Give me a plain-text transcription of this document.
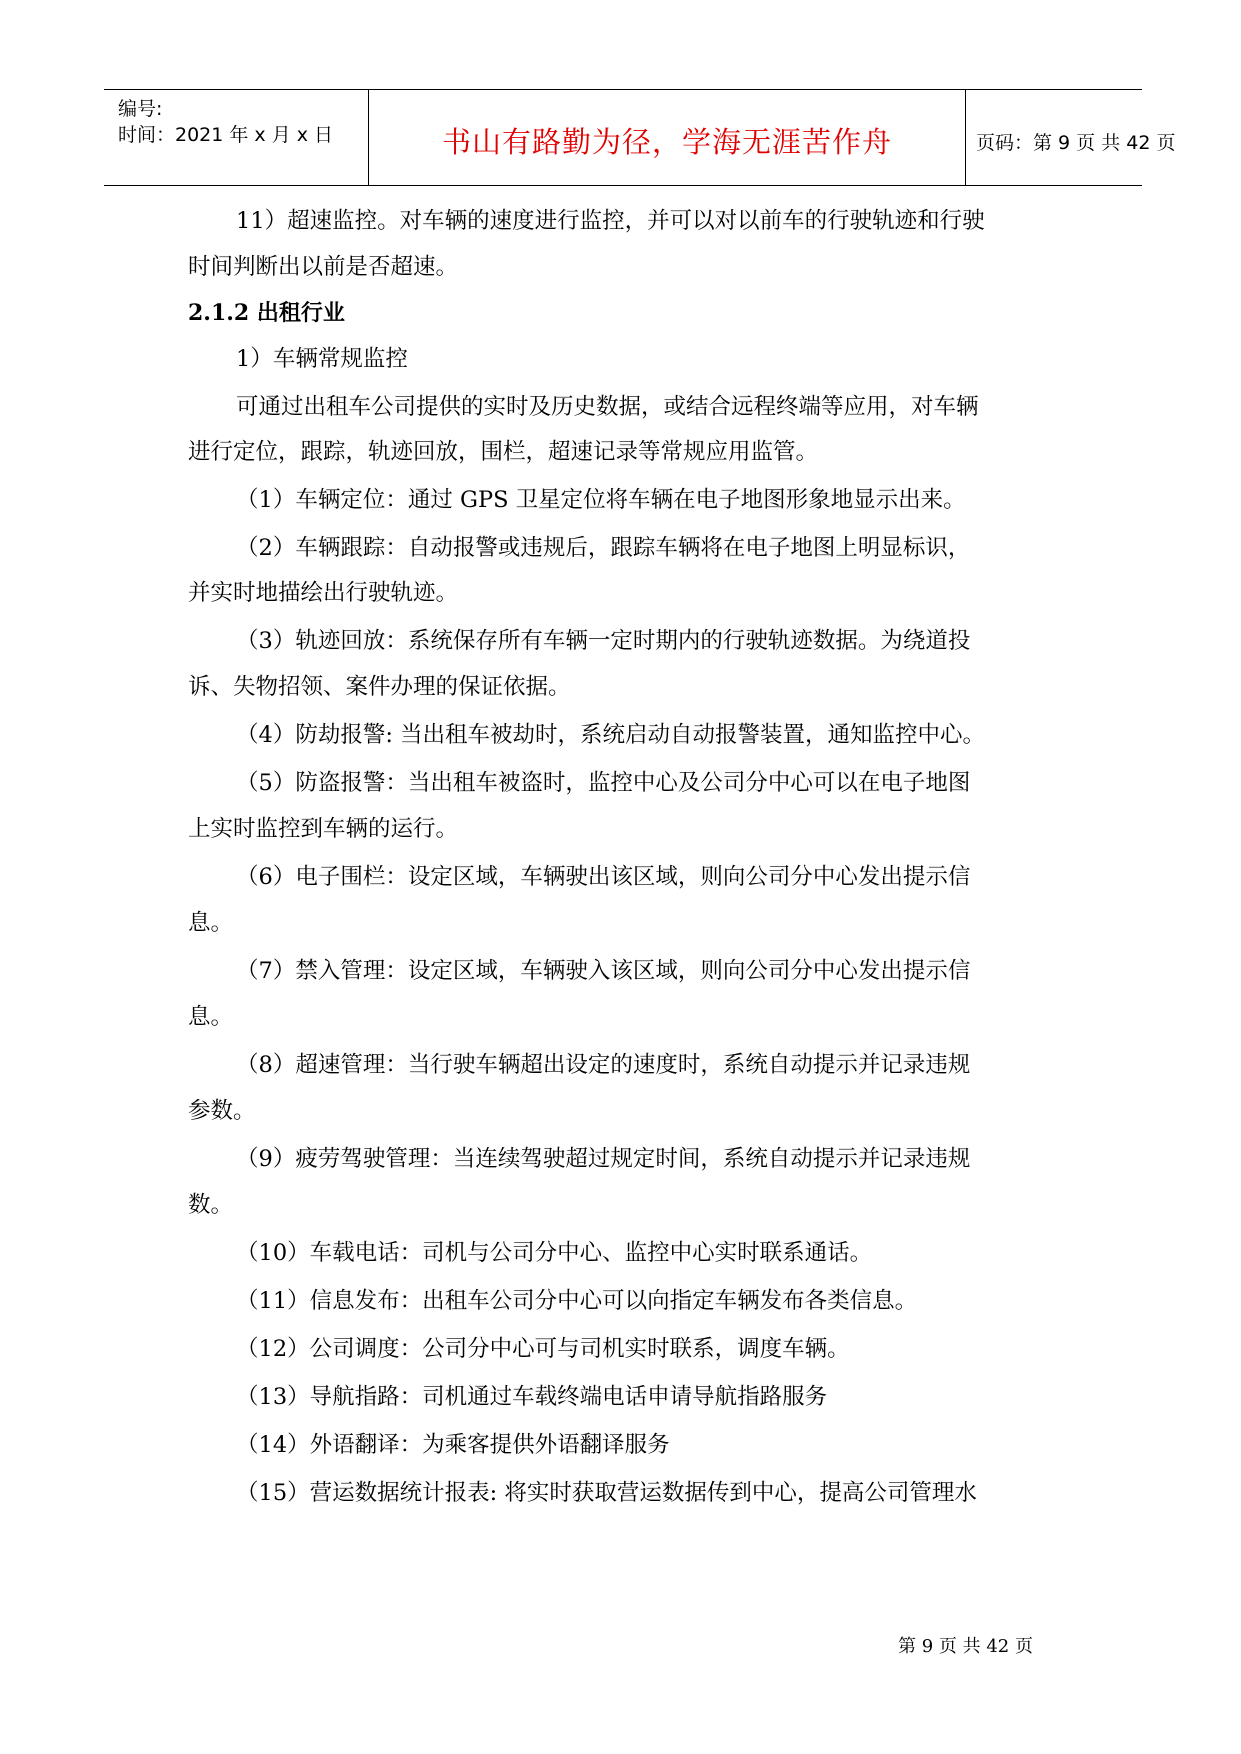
编号:
时间：2021 年 x 月 x 日	书山有路勤为径，学海无涯苦作舟	页码：第 9 页 共 42 页
11）超速监控。对车辆的速度进行监控，并可以对以前车的行驶轨迹和行驶
时间判断出以前是否超速。
2.1.2 出租行业
1）车辆常规监控
可通过出租车公司提供的实时及历史数据，或结合远程终端等应用，对车辆
进行定位，跟踪，轨迹回放，围栏，超速记录等常规应用监管。
（1）车辆定位：通过 GPS 卫星定位将车辆在电子地图形象地显示出来。
（2）车辆跟踪：自动报警或违规后，跟踪车辆将在电子地图上明显标识，
并实时地描绘出行驶轨迹。
（3）轨迹回放：系统保存所有车辆一定时期内的行驶轨迹数据。为绕道投
诉、失物招领、案件办理的保证依据。
（4）防劫报警: 当出租车被劫时，系统启动自动报警装置，通知监控中心。
（5）防盗报警：当出租车被盗时，监控中心及公司分中心可以在电子地图
上实时监控到车辆的运行。
（6）电子围栏：设定区域，车辆驶出该区域，则向公司分中心发出提示信
息。
（7）禁入管理：设定区域，车辆驶入该区域，则向公司分中心发出提示信
息。
（8）超速管理：当行驶车辆超出设定的速度时，系统自动提示并记录违规
参数。
（9）疲劳驾驶管理：当连续驾驶超过规定时间，系统自动提示并记录违规
数。
（10）车载电话：司机与公司分中心、监控中心实时联系通话。
（11）信息发布：出租车公司分中心可以向指定车辆发布各类信息。
（12）公司调度：公司分中心可与司机实时联系，调度车辆。
（13）导航指路：司机通过车载终端电话申请导航指路服务
（14）外语翻译：为乘客提供外语翻译服务
（15）营运数据统计报表: 将实时获取营运数据传到中心，提高公司管理水
第 9 页 共 42 页
